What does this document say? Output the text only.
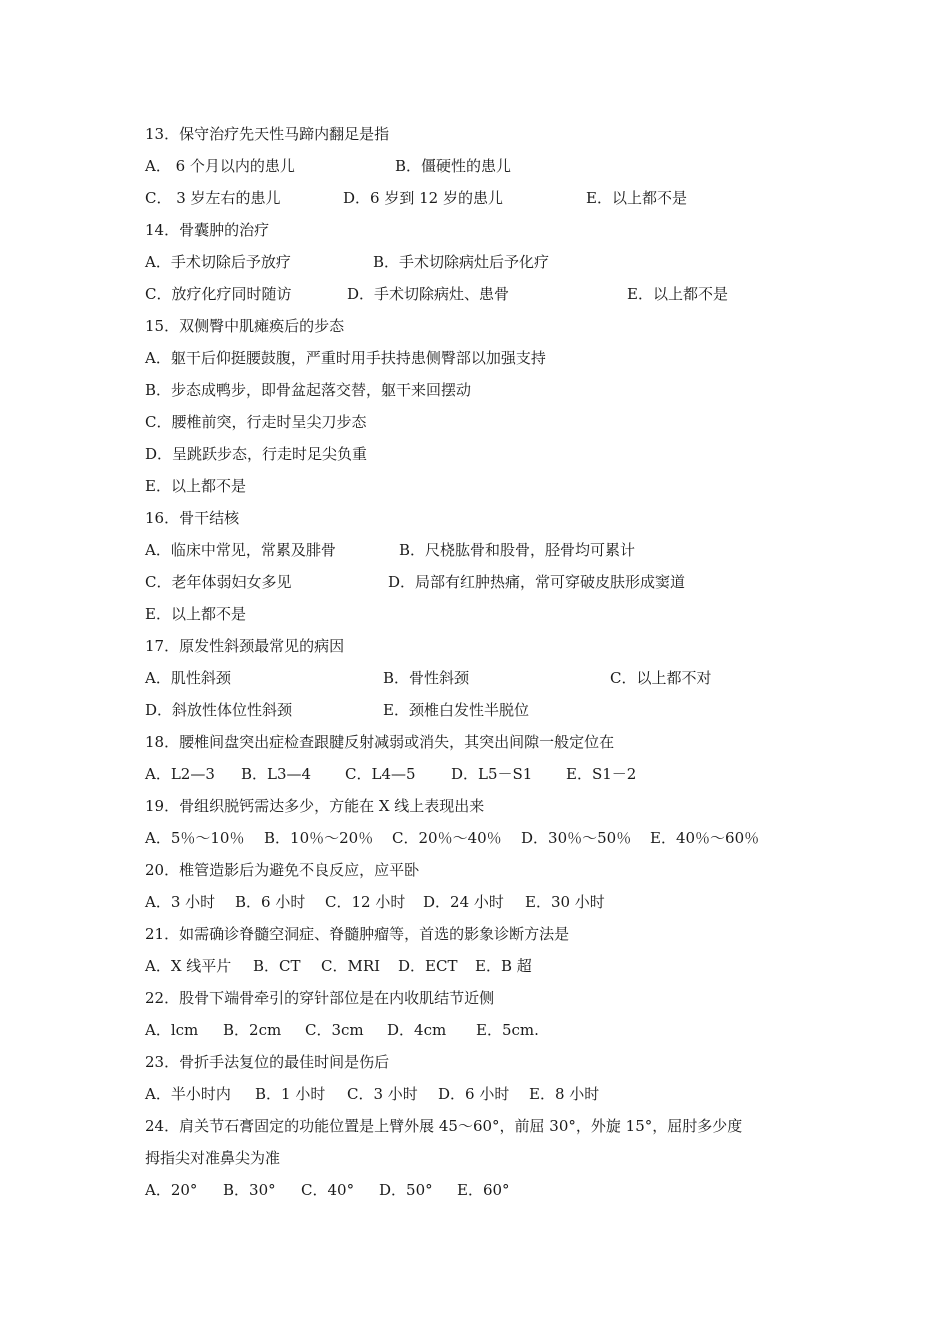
13．保守治疗先天性马蹄内翻足是指
A． 6 个月以内的患儿	B．僵硬性的患儿
C． 3 岁左右的患儿	D．6 岁到 12 岁的患儿	E．以上都不是
14．骨囊肿的治疗
A．手术切除后予放疗	B．手术切除病灶后予化疗
C．放疗化疗同时随访	D．手术切除病灶、患骨	E．以上都不是
15．双侧臀中肌瘫痪后的步态
A．躯干后仰挺腰鼓腹，严重时用手扶持患侧臀部以加强支持
B．步态成鸭步，即骨盆起落交替，躯干来回摆动
C．腰椎前突，行走时呈尖刀步态
D．呈跳跃步态，行走时足尖负重
E．以上都不是
16．骨干结核
A．临床中常见，常累及腓骨	B．尺桡肱骨和股骨，胫骨均可累计
C．老年体弱妇女多见	D．局部有红肿热痛，常可穿破皮肤形成窦道
E．以上都不是
17．原发性斜颈最常见的病因
A．肌性斜颈	B．骨性斜颈	C．以上都不对
D．斜放性体位性斜颈	E．颈椎白发性半脱位
18．腰椎间盘突出症检查跟腱反射减弱或消失，其突出间隙一般定位在
A．L2—3 B．L3—4 C．L4—5 D．L5－S1 E．S1－2
19．骨组织脱钙需达多少，方能在 X 线上表现出来
A．5％～10％ B．10％～20％ C．20％～40％ D．30％～50％ E．40％～60％
20．椎管造影后为避免不良反应，应平卧
A．3 小时 B．6 小时 C．12 小时 D．24 小时 E．30 小时
21．如需确诊脊髓空洞症、脊髓肿瘤等，首选的影象诊断方法是
A．X 线平片 B．CT C．MRI D．ECT E．B 超
22．股骨下端骨牵引的穿针部位是在内收肌结节近侧
A．lcm B．2cm C．3cm D．4cm E．5cm.
23．骨折手法复位的最佳时间是伤后
A．半小时内 B．1 小时 C．3 小时 D．6 小时 E．8 小时
24．肩关节石膏固定的功能位置是上臂外展 45～60°，前屈 30°，外旋 15°，屈肘多少度
拇指尖对准鼻尖为准
A．20° B．30° C．40° D．50° E．60°
